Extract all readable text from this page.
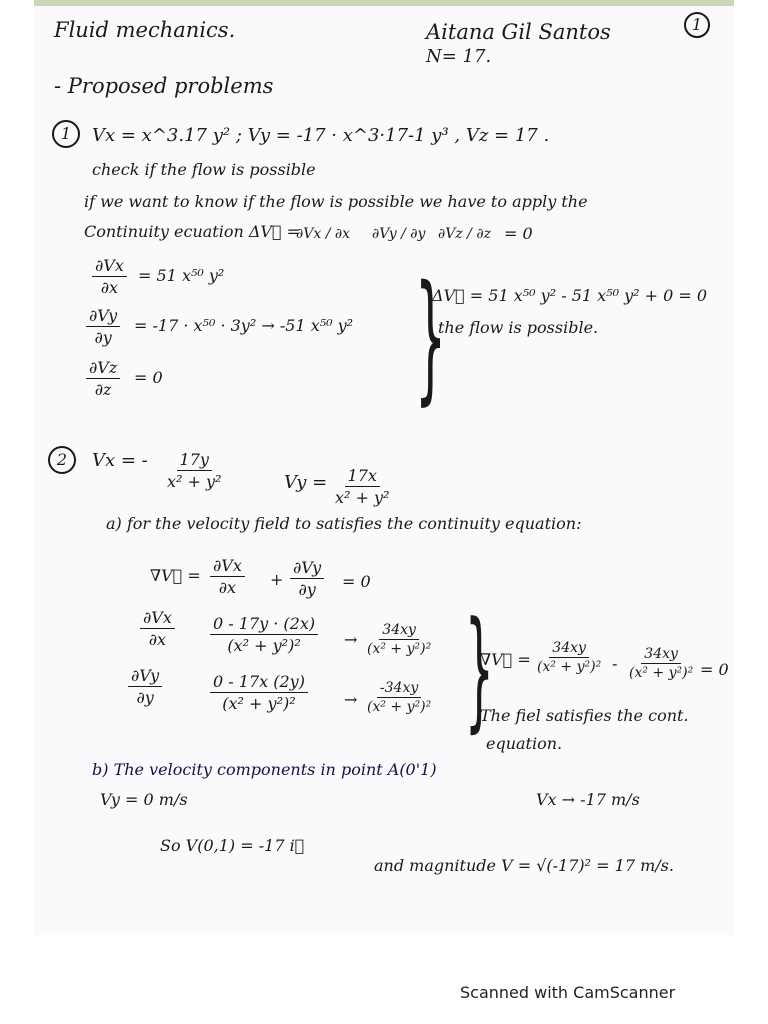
Fluid mechanics.	Aitana Gil Santos
N= 17.
1
- Proposed problems
1	Vx = x^3.17 y² ; Vy = -17 · x^3·17-1 y³ , Vz = 17 .
check if the flow is possible
if we want to know if the flow is possible we have to apply the
Continuity ecuation ΔV⃗ =
∂Vx / ∂x ∂Vy / ∂y ∂Vz / ∂z = 0
$\frac{\partial Vx}{\partial x} = 51$ x⁵⁰ y²
$\frac{\partial Vy}{\partial y} = -17 \cdot x^{50} \cdot 3y^2 \to -51$ x⁵⁰ y²
$\frac{\partial Vz}{\partial z} = 0$ }
ΔV⃗ = 51 x⁵⁰ y² - 51 x⁵⁰ y² + 0 = 0
the flow is possible.
2	Vx = - $\frac{17y}{\text{x² + y²}}$	$Vy = \frac{17x}{\text{x² + y²}}$
a) for the velocity field to satisfies the continuity equation:
∇V⃗ = $\frac{\partial Vx}{\partial x} + \frac{\partial Vy}{\partial y} = 0$
$\frac{\partial Vx}{\partial x} \frac{0 - 17y \cdot (2x)}{\text{(x² + y²)²}} \to \frac{34xy}{\text{(x² + y²)²}}$
$\frac{\partial Vy}{\partial y}$	$\frac{0 - 17x (2y)}{\text{(x² + y²)²}} \to \frac{-34xy}{\text{(x² + y²)²}}$ }
∇V⃗ = $\frac{34xy}{\text{(x² + y²)²}} - \frac{34xy}{\text{(x² + y²)²}} = 0$
The fiel satisfies the cont.
equation.
b) The velocity components in point A(0'1)
Vx → -17 m/s
Vy = 0 m/s
So V(0,1) = -17 i⃗
and magnitude V = √(-17)² = 17 m/s.
Scanned with CamScanner
